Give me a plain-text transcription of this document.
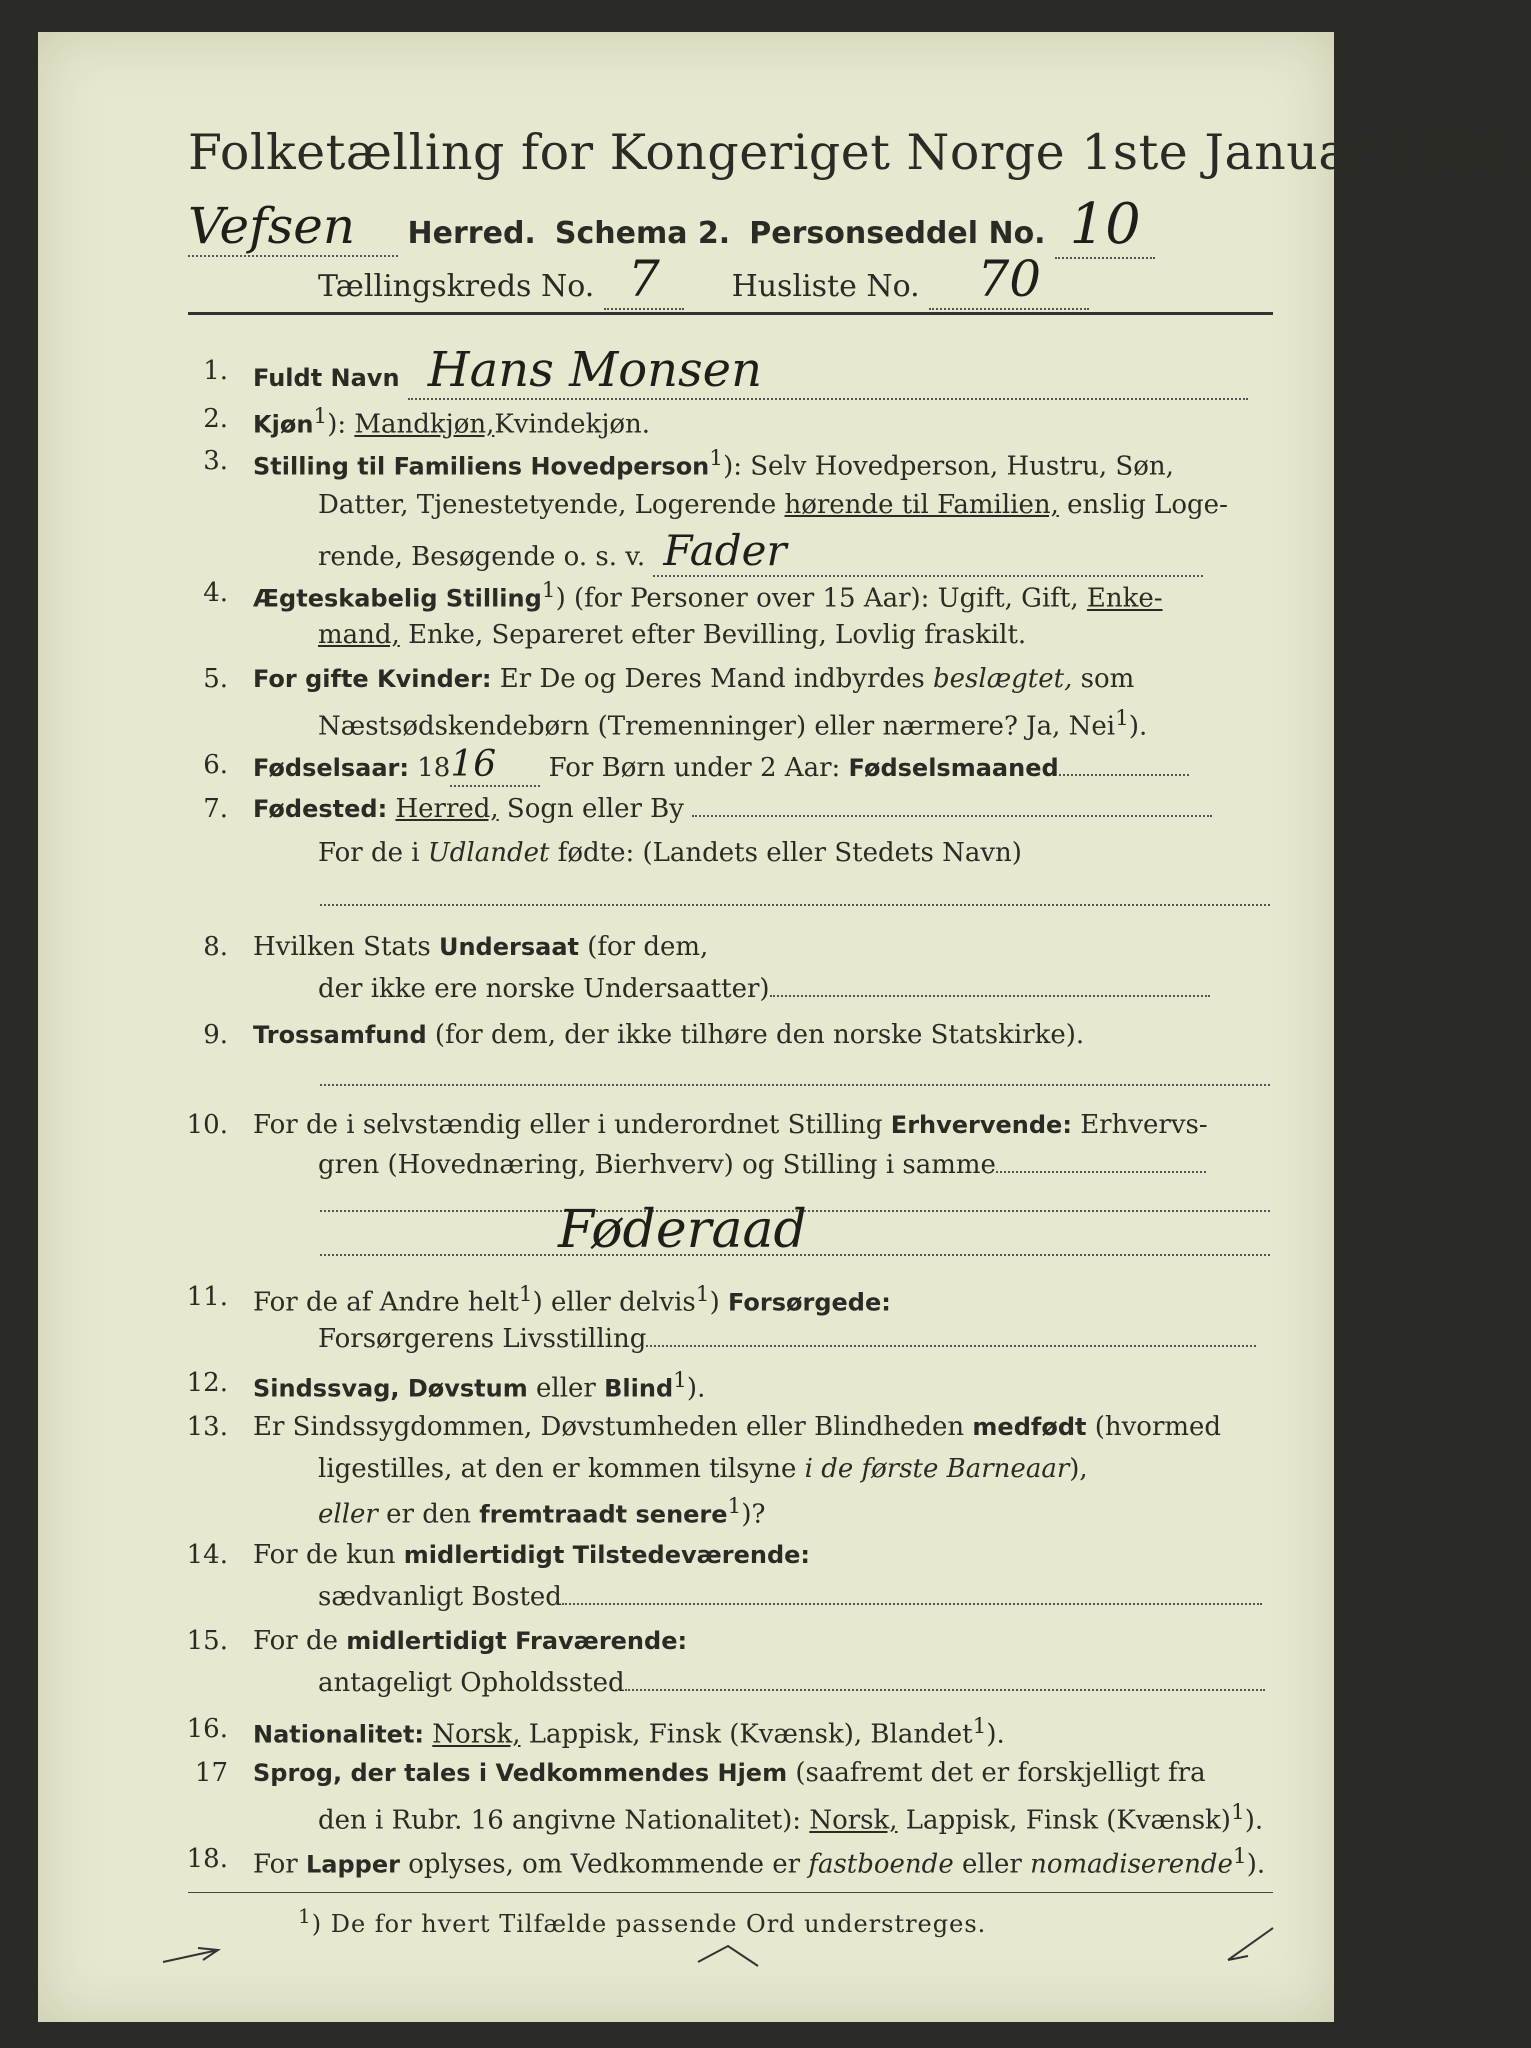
Folketælling for Kongeriget Norge 1ste Januar 1891.
Vefsen Herred. Schema 2. Personseddel No. 10
Tællingskreds No. 7 Husliste No. 70
1. Fuldt Navn Hans Monsen
2. Kjøn$^1$): Mandkjøn,Kvindekjøn.
3. Stilling til Familiens Hovedperson$^1$): Selv Hovedperson, Hustru, Søn,
Datter, Tjenestetyende, Logerende hørende til Familien, enslig Loge-
rende, Besøgende o. s. v. Fader
4. Ægteskabelig Stilling$^1$) (for Personer over 15 Aar): Ugift, Gift, Enke-
mand, Enke, Separeret efter Bevilling, Lovlig fraskilt.
5. For gifte Kvinder: Er De og Deres Mand indbyrdes beslægtet, som
Næstsødskendebørn (Tremenninger) eller nærmere? Ja, Nei$^1$).
6. Fødselsaar: 1816 For Børn under 2 Aar: Fødselsmaaned
7. Fødested: Herred, Sogn eller By
For de i Udlandet fødte: (Landets eller Stedets Navn)
8. Hvilken Stats Undersaat (for dem,
der ikke ere norske Undersaatter)
9. Trossamfund (for dem, der ikke tilhøre den norske Statskirke).
10. For de i selvstændig eller i underordnet Stilling Erhvervende: Erhvervs-
gren (Hovednæring, Bierhverv) og Stilling i samme
Føderaad
11. For de af Andre helt$^1$) eller delvis$^1$) Forsørgede:
Forsørgerens Livsstilling
12. Sindssvag, Døvstum eller Blind$^1$).
13. Er Sindssygdommen, Døvstumheden eller Blindheden medfødt (hvormed
ligestilles, at den er kommen tilsyne i de første Barneaar),
eller er den fremtraadt senere$^1$)?
14. For de kun midlertidigt Tilstedeværende:
sædvanligt Bosted
15. For de midlertidigt Fraværende:
antageligt Opholdssted
16. Nationalitet: Norsk, Lappisk, Finsk (Kvænsk), Blandet$^1$).
17 Sprog, der tales i Vedkommendes Hjem (saafremt det er forskjelligt fra
den i Rubr. 16 angivne Nationalitet): Norsk, Lappisk, Finsk (Kvænsk)$^1$).
18. For Lapper oplyses, om Vedkommende er fastboende eller nomadiserende$^1$).
$^1$) De for hvert Tilfælde passende Ord understreges.
